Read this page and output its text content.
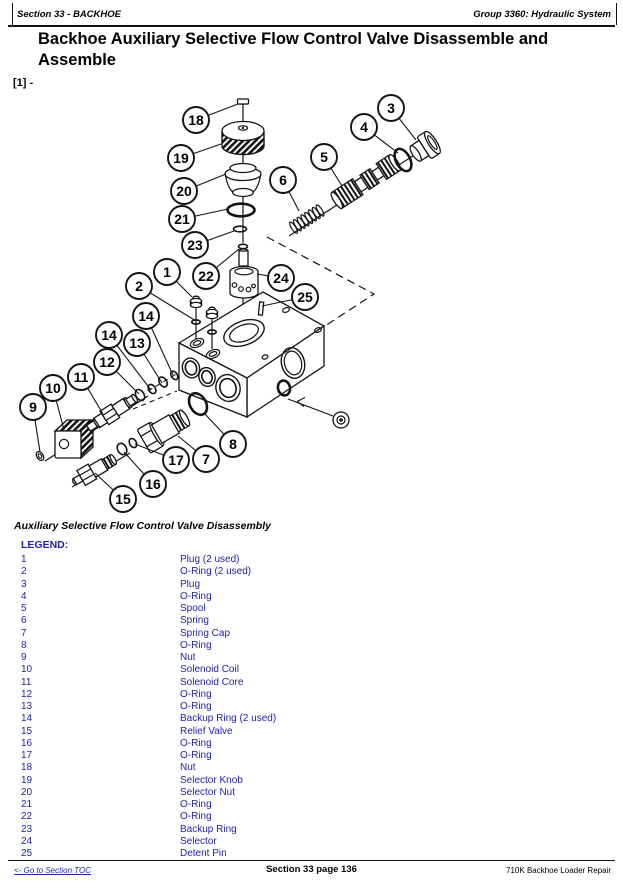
Section 33 - BACKHOE	Group 3360: Hydraulic System
Backhoe Auxiliary Selective Flow Control Valve Disassemble and Assemble
[1] -
1
2
3
4
5
6
7
8
9
10
11
12
13
14
14
15
16
17
18
19
20
21
22
23
24
25
Auxiliary Selective Flow Control Valve Disassembly
LEGEND:
1	Plug (2 used)
2	O-Ring (2 used)
3	Plug
4	O-Ring
5	Spool
6	Spring
7	Spring Cap
8	O-Ring
9	Nut
10	Solenoid Coil
11	Solenoid Core
12	O-Ring
13	O-Ring
14	Backup Ring (2 used)
15	Relief Valve
16	O-Ring
17	O-Ring
18	Nut
19	Selector Knob
20	Selector Nut
21	O-Ring
22	O-Ring
23	Backup Ring
24	Selector
25	Detent Pin
<- Go to Section TOC	Section 33 page 136	710K Backhoe Loader Repair
